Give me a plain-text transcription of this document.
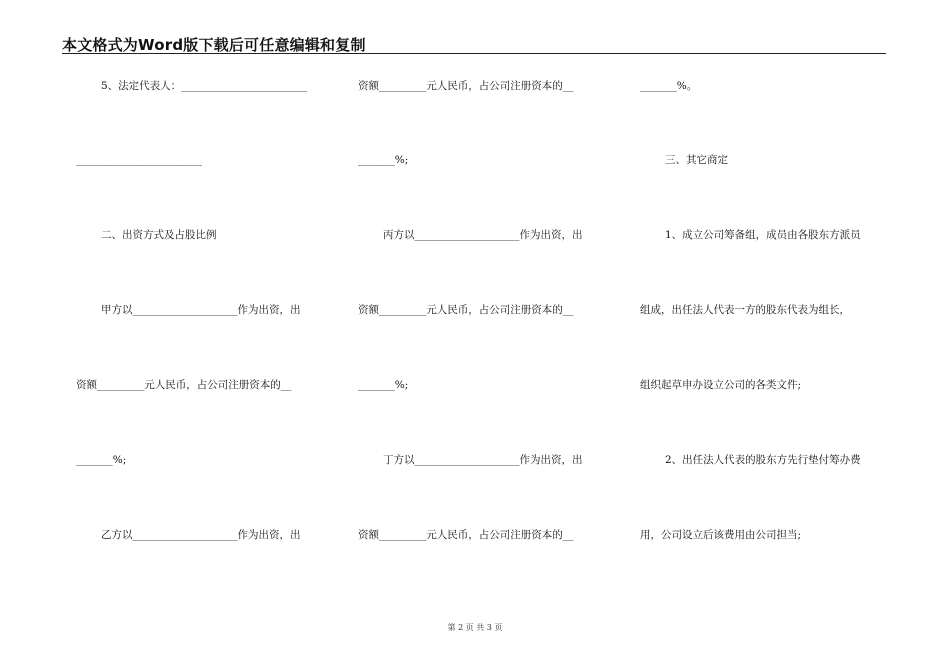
本文格式为Word版下载后可任意编辑和复制
5、法定代表人：________________________
________________________
二、出资方式及占股比例
甲方以____________________作为出资，出
资额_________元人民币，占公司注册资本的__
_______%;
乙方以____________________作为出资，出
资额_________元人民币，占公司注册资本的__
_______%;
丙方以____________________作为出资，出
资额_________元人民币，占公司注册资本的__
_______%;
丁方以____________________作为出资，出
资额_________元人民币，占公司注册资本的__
_______%。
三、其它商定
1、成立公司筹备组，成员由各股东方派员
组成，出任法人代表一方的股东代表为组长，
组织起草申办设立公司的各类文件;
2、出任法人代表的股东方先行垫付筹办费
用，公司设立后该费用由公司担当;
第 2 页 共 3 页
